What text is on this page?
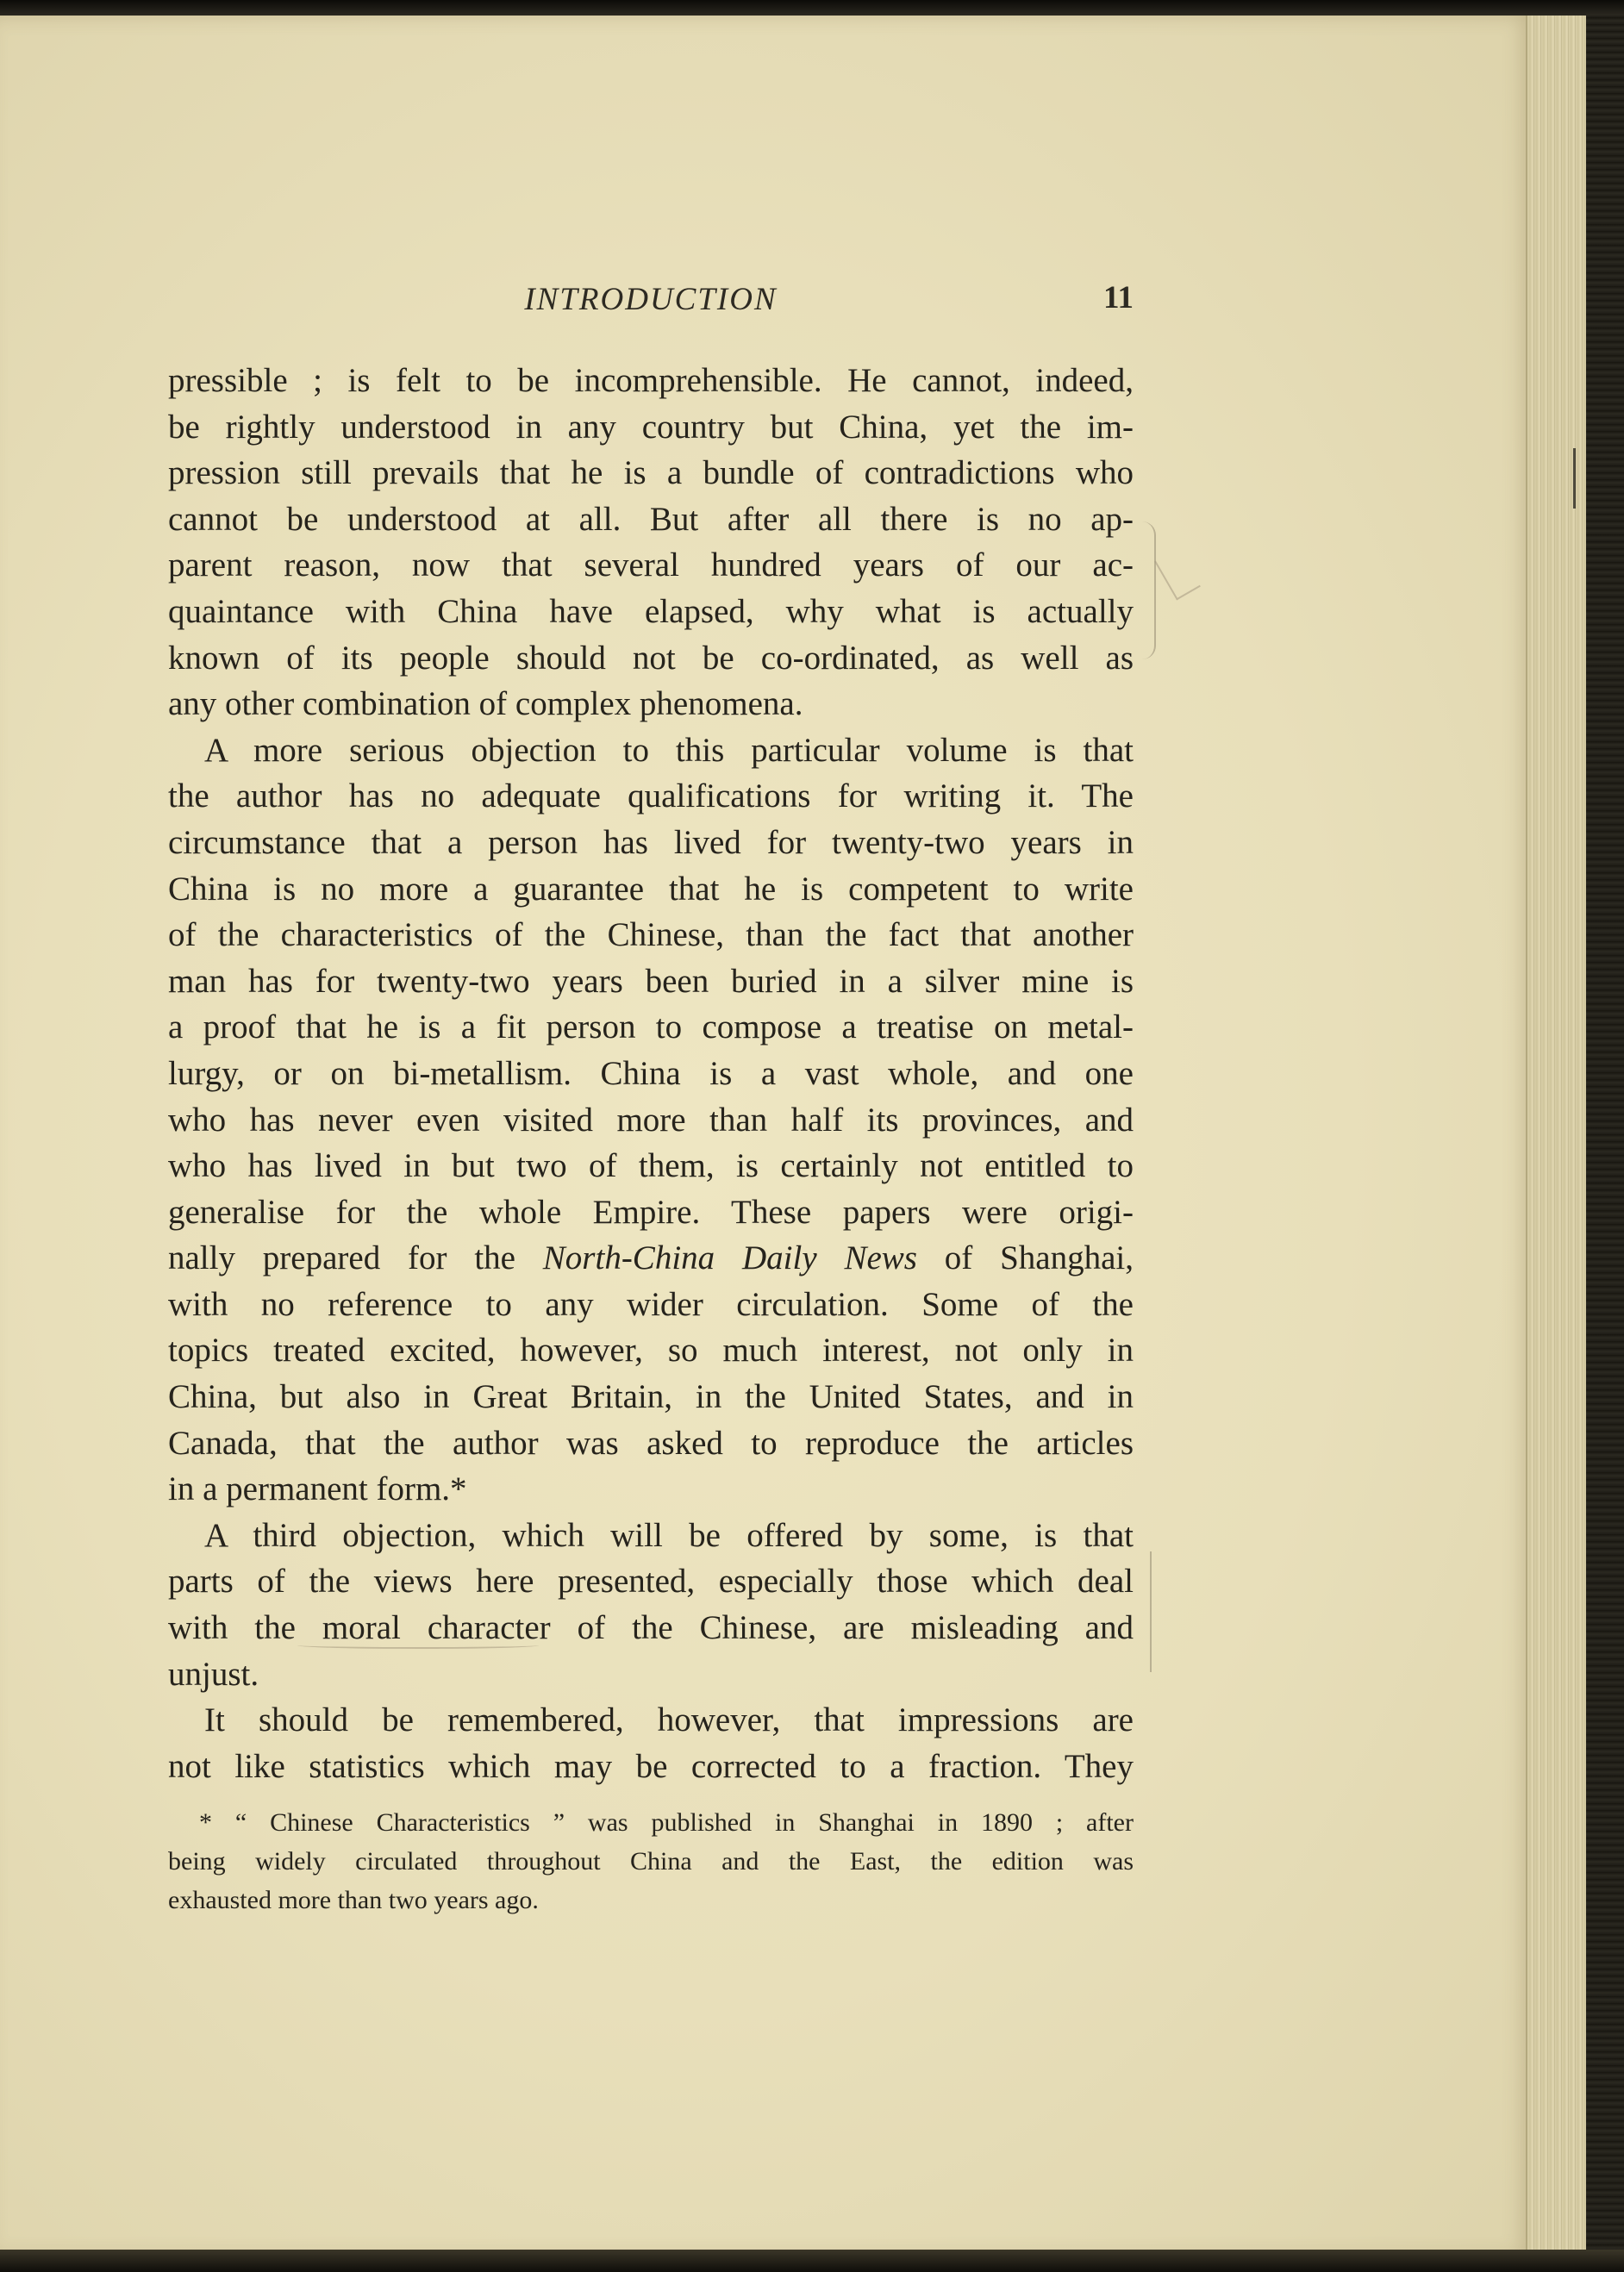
INTRODUCTION	11
pressible ; is felt to be incomprehensible. He cannot, indeed,
be rightly understood in any country but China, yet the im-
pression still prevails that he is a bundle of contradictions who
cannot be understood at all. But after all there is no ap-
parent reason, now that several hundred years of our ac-
quaintance with China have elapsed, why what is actually
known of its people should not be co-ordinated, as well as
any other combination of complex phenomena.
A more serious objection to this particular volume is that
the author has no adequate qualifications for writing it. The
circumstance that a person has lived for twenty-two years in
China is no more a guarantee that he is competent to write
of the characteristics of the Chinese, than the fact that another
man has for twenty-two years been buried in a silver mine is
a proof that he is a fit person to compose a treatise on metal-
lurgy, or on bi-metallism. China is a vast whole, and one
who has never even visited more than half its provinces, and
who has lived in but two of them, is certainly not entitled to
generalise for the whole Empire. These papers were origi-
nally prepared for the North-China Daily News of Shanghai,
with no reference to any wider circulation. Some of the
topics treated excited, however, so much interest, not only in
China, but also in Great Britain, in the United States, and in
Canada, that the author was asked to reproduce the articles
in a permanent form.*
A third objection, which will be offered by some, is that
parts of the views here presented, especially those which deal
with the moral character of the Chinese, are misleading and
unjust.
It should be remembered, however, that impressions are
not like statistics which may be corrected to a fraction. They
* “ Chinese Characteristics ” was published in Shanghai in 1890 ; after
being widely circulated throughout China and the East, the edition was
exhausted more than two years ago.
